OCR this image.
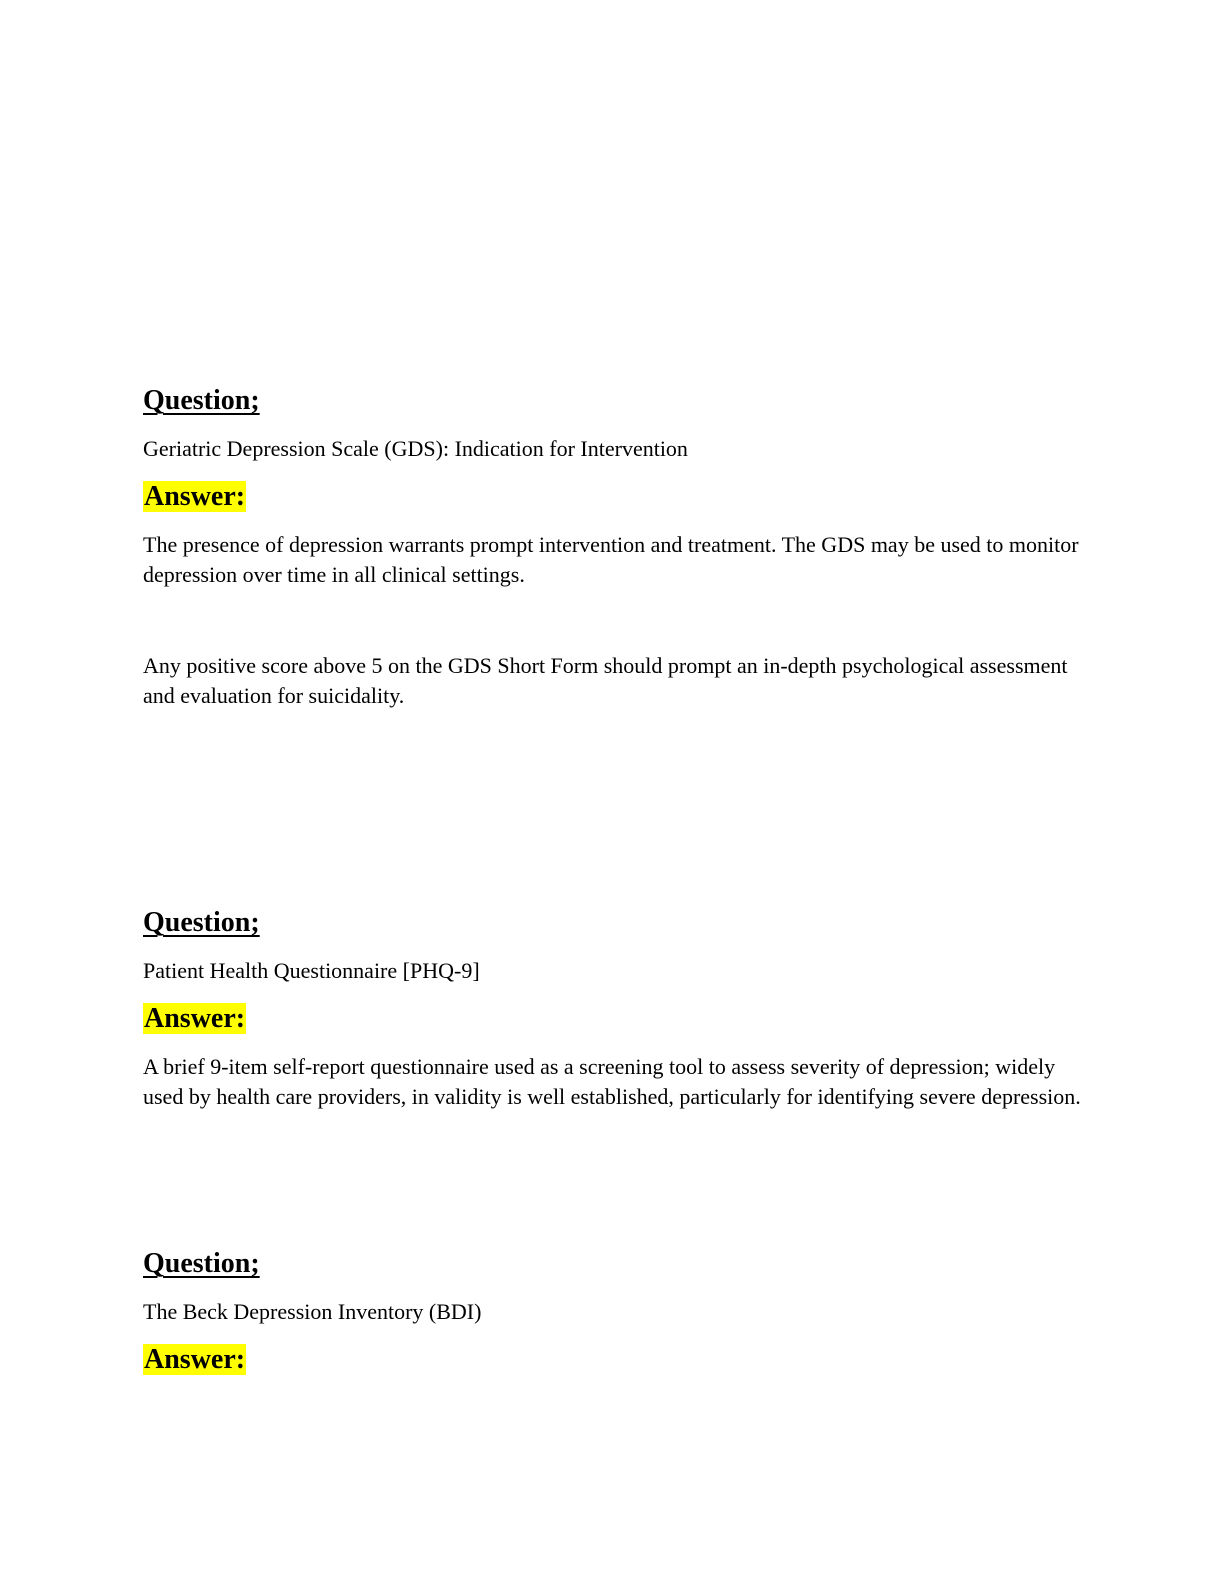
Question;

Geriatric Depression Scale (GDS): Indication for Intervention

Answer:

The presence of depression warrants prompt intervention and treatment. The GDS may be used to monitor depression over time in all clinical settings.

Any positive score above 5 on the GDS Short Form should prompt an in-depth psychological assessment and evaluation for suicidality.

Question;

Patient Health Questionnaire [PHQ-9]

Answer:

A brief 9-item self-report questionnaire used as a screening tool to assess severity of depression; widely used by health care providers, in validity is well established, particularly for identifying severe depression.

Question;

The Beck Depression Inventory (BDI)

Answer:
